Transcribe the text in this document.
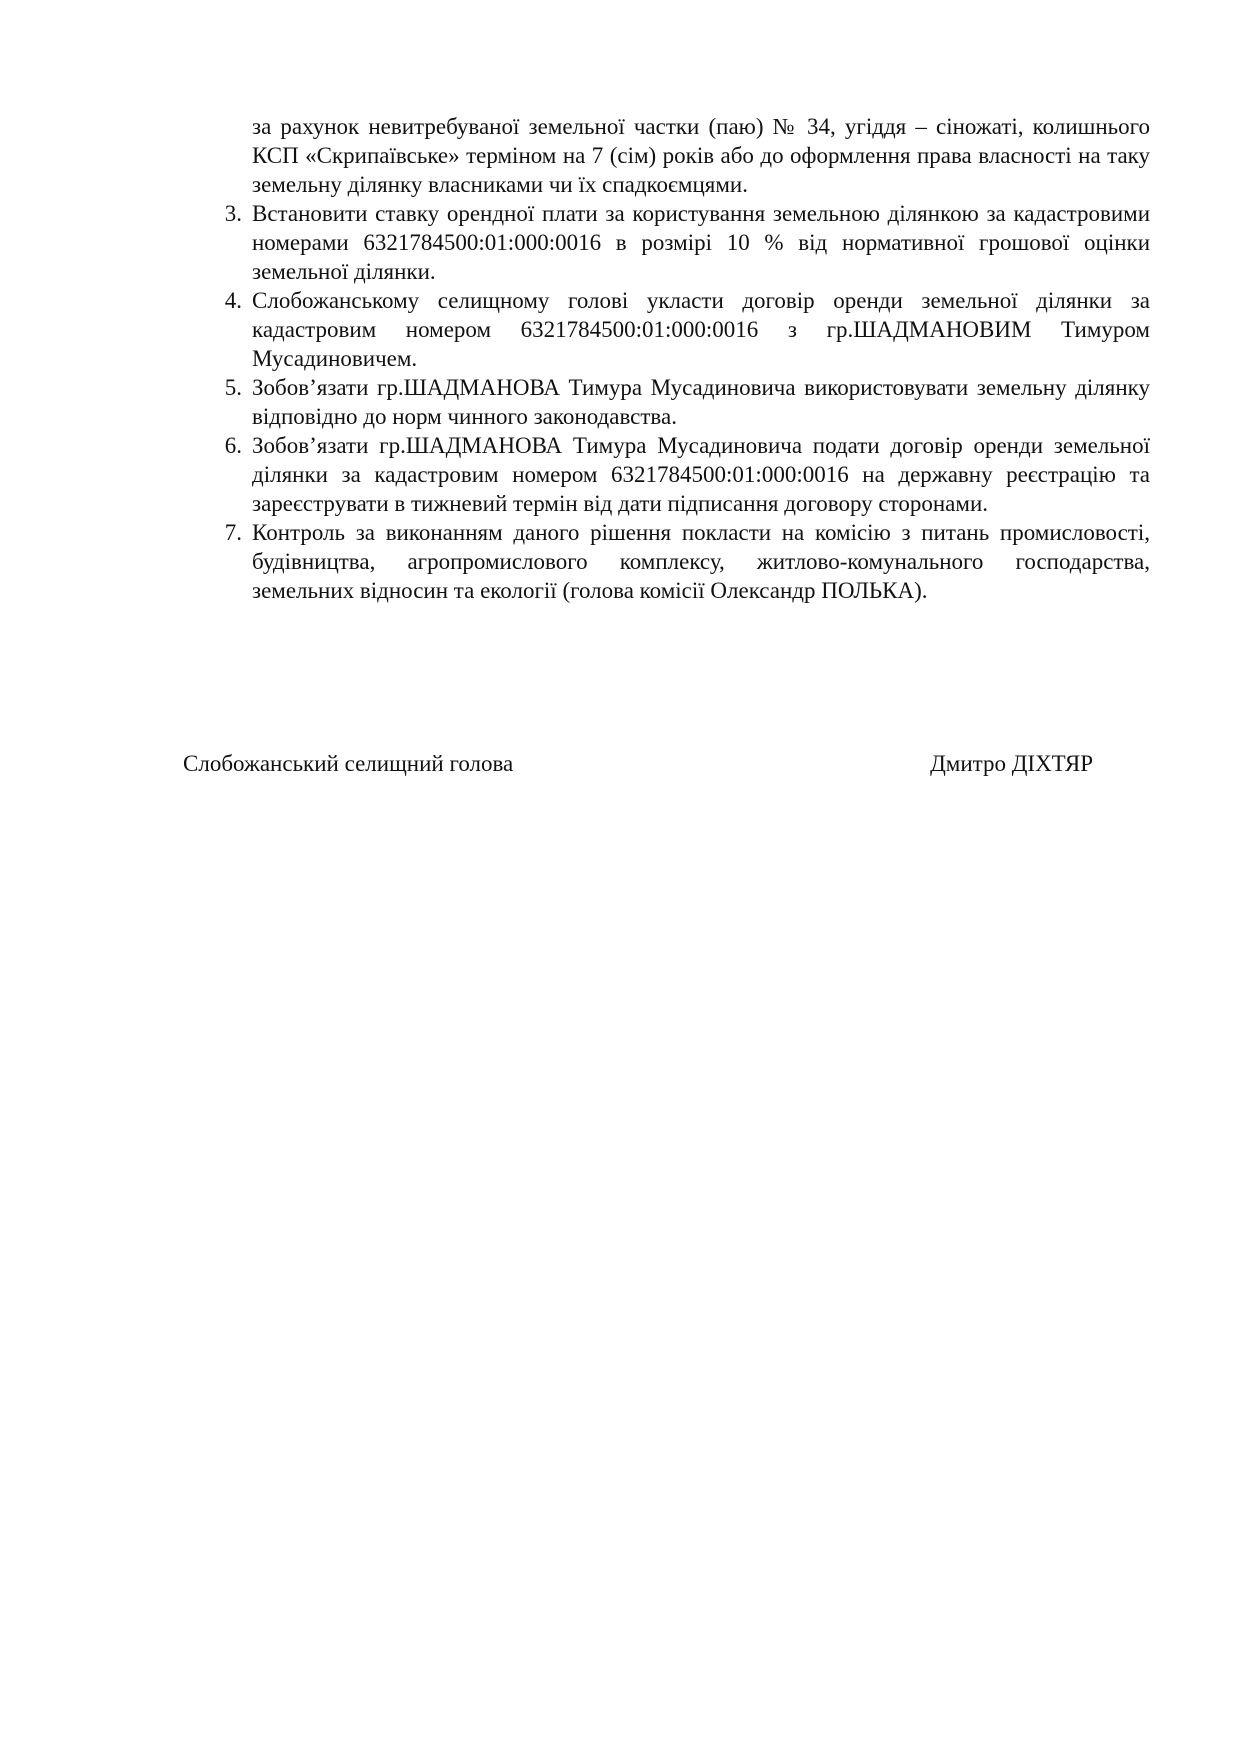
за рахунок невитребуваної земельної частки (паю) № 34, угіддя – сіножаті, колишнього КСП «Скрипаївське» терміном на 7 (сім) років або до оформлення права власності на таку земельну ділянку власниками чи їх спадкоємцями.

3. Встановити ставку орендної плати за користування земельною ділянкою за кадастровими номерами 6321784500:01:000:0016 в розмірі 10 % від нормативної грошової оцінки земельної ділянки.
4. Слобожанському селищному голові укласти договір оренди земельної ділянки за кадастровим номером 6321784500:01:000:0016 з гр.ШАДМАНОВИМ Тимуром Мусадиновичем.
5. Зобов’язати гр.ШАДМАНОВА Тимура Мусадиновича використовувати земельну ділянку відповідно до норм чинного законодавства.
6. Зобов’язати гр.ШАДМАНОВА Тимура Мусадиновича подати договір оренди земельної ділянки за кадастровим номером 6321784500:01:000:0016 на державну реєстрацію та зареєструвати в тижневий термін від дати підписання договору сторонами.
7. Контроль за виконанням даного рішення покласти на комісію з питань промисловості, будівництва, агропромислового комплексу, житлово-комунального господарства, земельних відносин та екології (голова комісії Олександр ПОЛЬКА).
Слобожанський селищний голова	Дмитро ДІХТЯР
